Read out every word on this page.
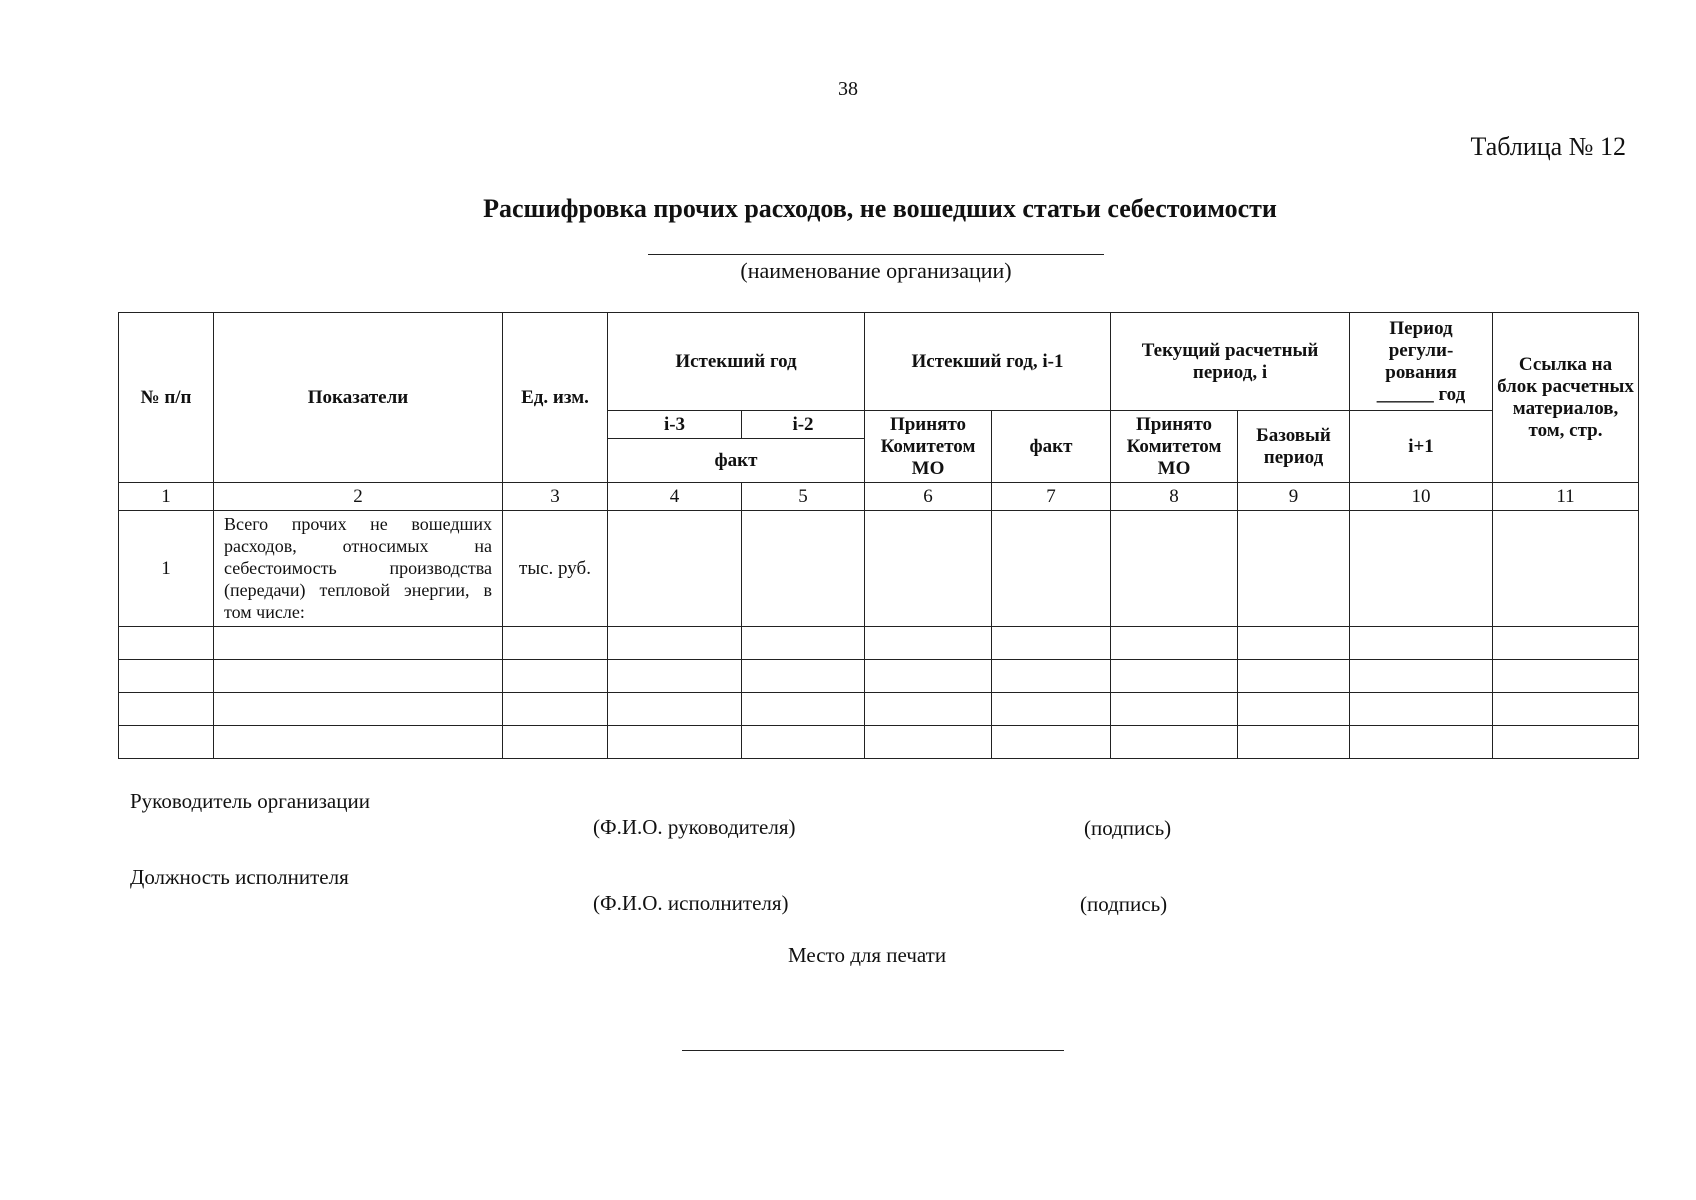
38
Таблица № 12
Расшифровка прочих расходов, не вошедших статьи себестоимости
(наименование организации)
№ п/п	Показатели	Ед. изм.	Истекший год		Истекший год, i-1		Текущий расчетный период, i		Период
регули-
рования
______ год	Ссылка на блок расчетных материалов, том, стр.
			i-3	i-2	Принято Комитетом МО	факт	Принято Комитетом МО	Базовый период	i+1	
			факт							
1	2	3	4	5	6	7	8	9	10	11
1	Всего прочих не вошедших расходов, относимых на себестоимость производства (передачи) тепловой энергии, в том числе:	тыс. руб.								

Руководитель организации
(Ф.И.О. руководителя)	(подпись)
Должность исполнителя
(Ф.И.О. исполнителя)	(подпись)
Место для печати
